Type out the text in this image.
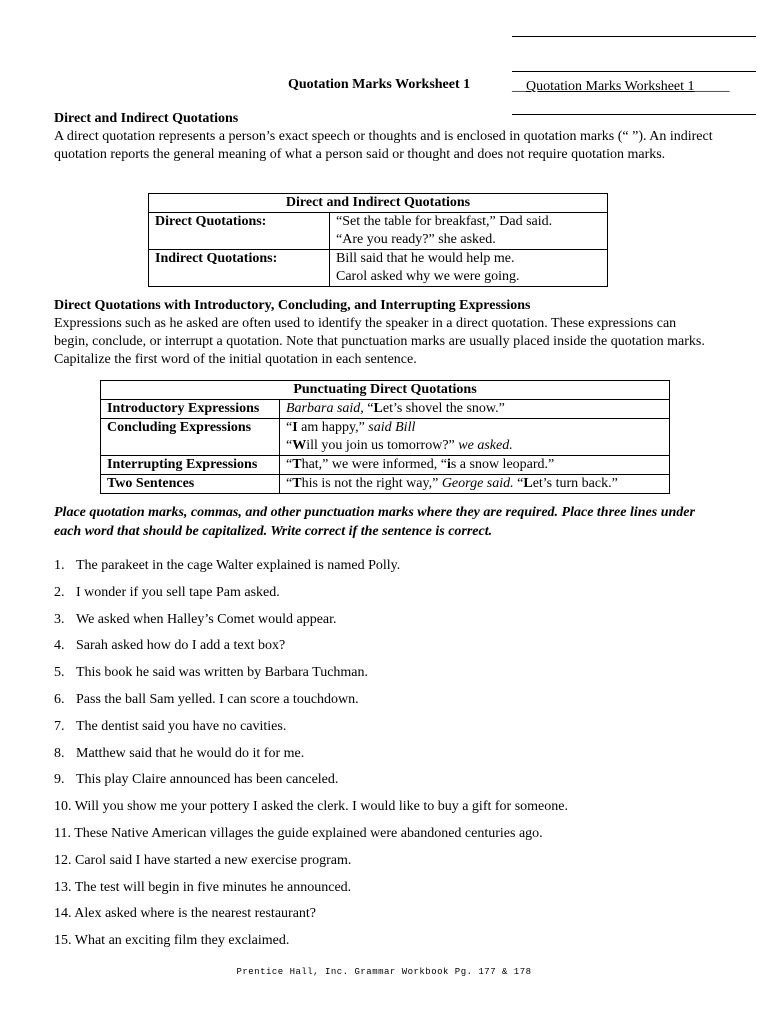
Quotation Marks Worksheet 1	__Quotation Marks Worksheet 1_____
Direct and Indirect Quotations
A direct quotation represents a person’s exact speech or thoughts and is enclosed in quotation marks (“ ”). An indirect quotation reports the general meaning of what a person said or thought and does not require quotation marks.
Direct and Indirect Quotations	
Direct Quotations:	“Set the table for breakfast,” Dad said.
“Are you ready?” she asked.

Indirect Quotations:	Bill said that he would help me.
Carol asked why we were going.
Direct Quotations with Introductory, Concluding, and Interrupting Expressions
Expressions such as he asked are often used to identify the speaker in a direct quotation. These expressions can begin, conclude, or interrupt a quotation. Note that punctuation marks are usually placed inside the quotation marks. Capitalize the first word of the initial quotation in each sentence.
Punctuating Direct Quotations	
Introductory Expressions	Barbara said, “Let’s shovel the snow.”
Concluding Expressions	“I am happy,” said Bill
“Will you join us tomorrow?” we asked.

Interrupting Expressions	“That,” we were informed, “is a snow leopard.”
Two Sentences	“This is not the right way,” George said. “Let’s turn back.”
Place quotation marks, commas, and other punctuation marks where they are required. Place three lines under each word that should be capitalized. Write correct if the sentence is correct.
1. The parakeet in the cage Walter explained is named Polly.
2. I wonder if you sell tape Pam asked.
3. We asked when Halley’s Comet would appear.
4. Sarah asked how do I add a text box?
5. This book he said was written by Barbara Tuchman.
6. Pass the ball Sam yelled. I can score a touchdown.
7. The dentist said you have no cavities.
8. Matthew said that he would do it for me.
9. This play Claire announced has been canceled.
10. Will you show me your pottery I asked the clerk. I would like to buy a gift for someone.
11. These Native American villages the guide explained were abandoned centuries ago.
12. Carol said I have started a new exercise program.
13. The test will begin in five minutes he announced.
14. Alex asked where is the nearest restaurant?
15. What an exciting film they exclaimed.
Prentice Hall, Inc. Grammar Workbook Pg. 177 & 178
